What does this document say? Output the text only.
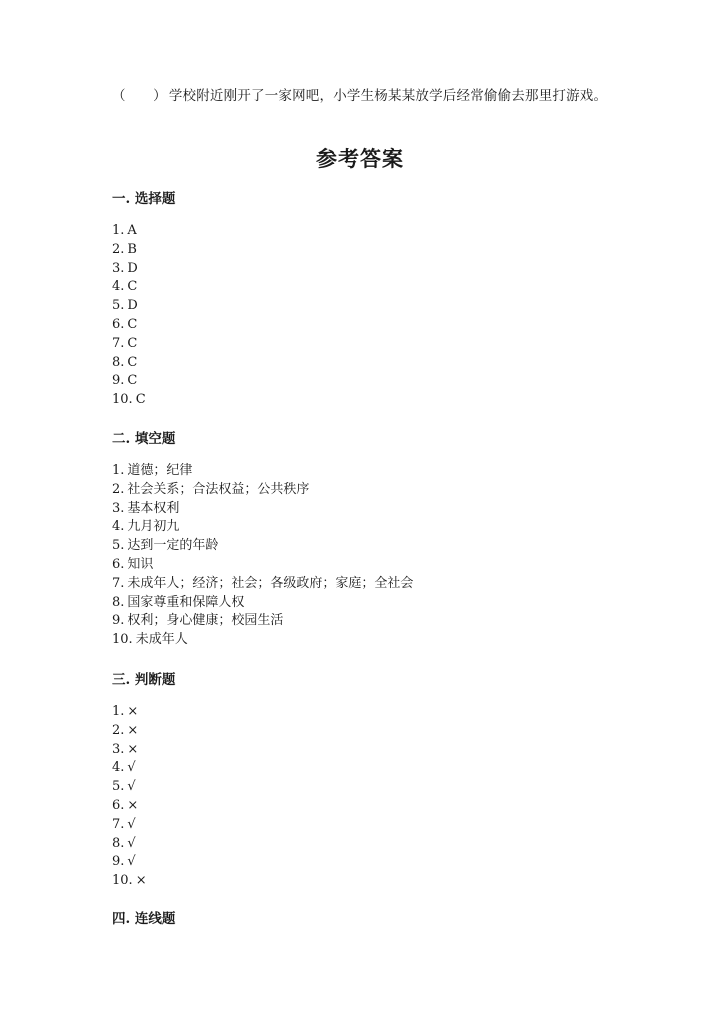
（　　） 学校附近刚开了一家网吧，小学生杨某某放学后经常偷偷去那里打游戏。
参考答案
一. 选择题
1. A
2. B
3. D
4. C
5. D
6. C
7. C
8. C
9. C
10. C
二. 填空题
1. 道德；纪律
2. 社会关系；合法权益；公共秩序
3. 基本权利
4. 九月初九
5. 达到一定的年龄
6. 知识
7. 未成年人；经济；社会；各级政府；家庭；全社会
8. 国家尊重和保障人权
9. 权利；身心健康；校园生活
10. 未成年人
三. 判断题
1. ×
2. ×
3. ×
4. √
5. √
6. ×
7. √
8. √
9. √
10. ×
四. 连线题
